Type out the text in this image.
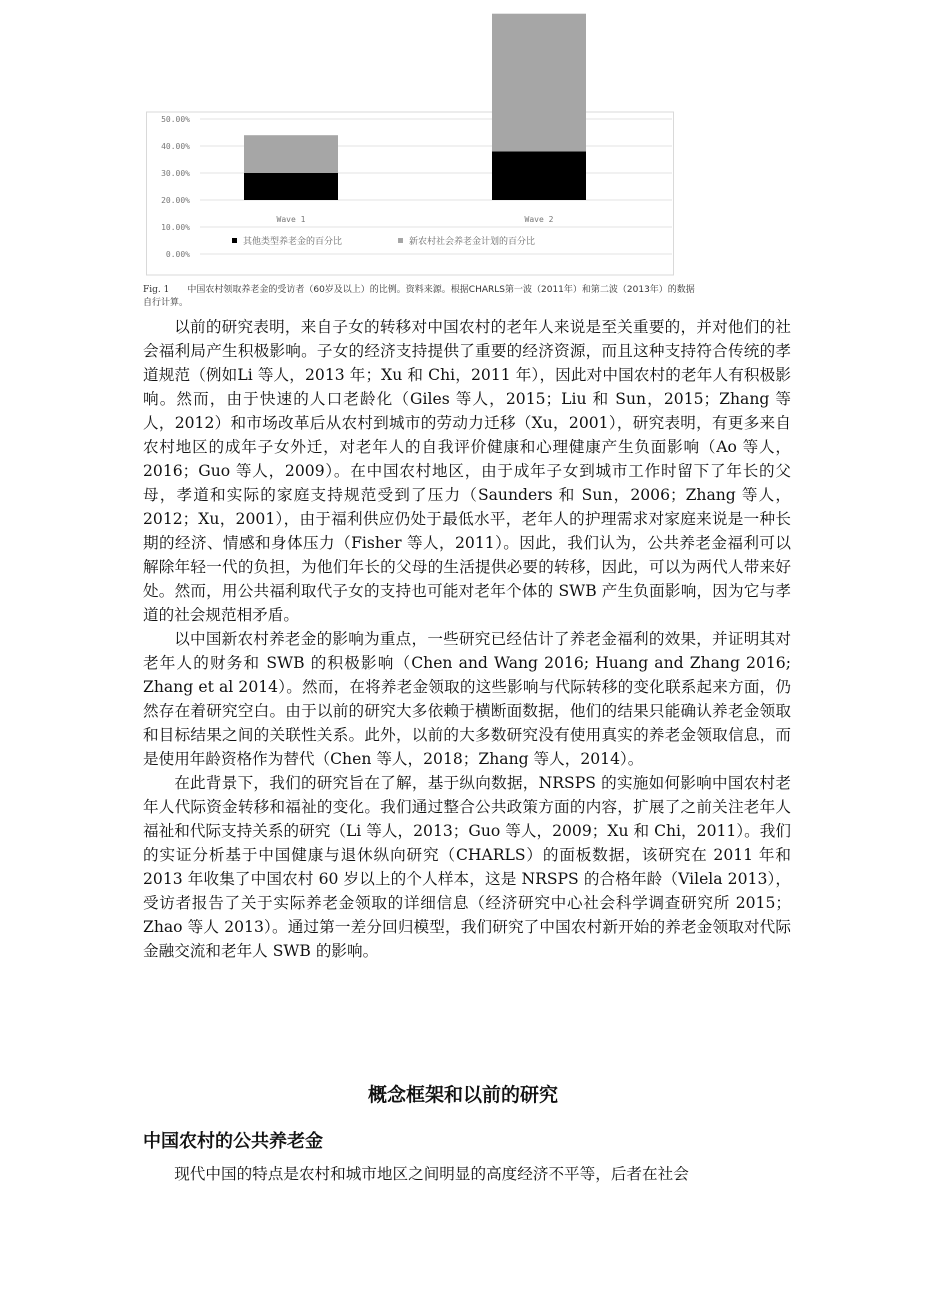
0.00%
10.00%
20.00%
30.00%
40.00%
50.00%
Wave 1	Wave 2
其他类型养老金的百分比	新农村社会养老金计划的百分比
Fig. 1 中国农村领取养老金的受访者（60岁及以上）的比例。资料来源。根据CHARLS第一波（2011年）和第二波（2013年）的数据自行计算。

以前的研究表明，来自子女的转移对中国农村的老年人来说是至关重要的，并对他们的社会福利局产生积极影响。子女的经济支持提供了重要的经济资源，而且这种支持符合传统的孝道规范（例如Li 等人，2013 年；Xu 和 Chi，2011 年），因此对中国农村的老年人有积极影响。然而，由于快速的人口老龄化（Giles 等人，2015；Liu 和 Sun，2015；Zhang 等人，2012）和市场改革后从农村到城市的劳动力迁移（Xu，2001），研究表明，有更多来自农村地区的成年子女外迁，对老年人的自我评价健康和心理健康产生负面影响（Ao 等人，2016；Guo 等人，2009）。在中国农村地区，由于成年子女到城市工作时留下了年长的父母，孝道和实际的家庭支持规范受到了压力（Saunders 和 Sun，2006；Zhang 等人，2012；Xu，2001），由于福利供应仍处于最低水平，老年人的护理需求对家庭来说是一种长期的经济、情感和身体压力（Fisher 等人，2011）。因此，我们认为，公共养老金福利可以解除年轻一代的负担，为他们年长的父母的生活提供必要的转移，因此，可以为两代人带来好处。然而，用公共福利取代子女的支持也可能对老年个体的 SWB 产生负面影响，因为它与孝道的社会规范相矛盾。

以中国新农村养老金的影响为重点，一些研究已经估计了养老金福利的效果，并证明其对老年人的财务和 SWB 的积极影响（Chen and Wang 2016; Huang and Zhang 2016; Zhang et al 2014）。然而，在将养老金领取的这些影响与代际转移的变化联系起来方面，仍然存在着研究空白。由于以前的研究大多依赖于横断面数据，他们的结果只能确认养老金领取和目标结果之间的关联性关系。此外，以前的大多数研究没有使用真实的养老金领取信息，而是使用年龄资格作为替代（Chen 等人，2018；Zhang 等人，2014）。

在此背景下，我们的研究旨在了解，基于纵向数据，NRSPS 的实施如何影响中国农村老年人代际资金转移和福祉的变化。我们通过整合公共政策方面的内容，扩展了之前关注老年人福祉和代际支持关系的研究（Li 等人，2013；Guo 等人，2009；Xu 和 Chi，2011）。我们的实证分析基于中国健康与退休纵向研究（CHARLS）的面板数据，该研究在 2011 年和 2013 年收集了中国农村 60 岁以上的个人样本，这是 NRSPS 的合格年龄（Vilela 2013），受访者报告了关于实际养老金领取的详细信息（经济研究中心社会科学调查研究所 2015；Zhao 等人 2013）。通过第一差分回归模型，我们研究了中国农村新开始的养老金领取对代际金融交流和老年人 SWB 的影响。

概念框架和以前的研究
中国农村的公共养老金

现代中国的特点是农村和城市地区之间明显的高度经济不平等，后者在社会
